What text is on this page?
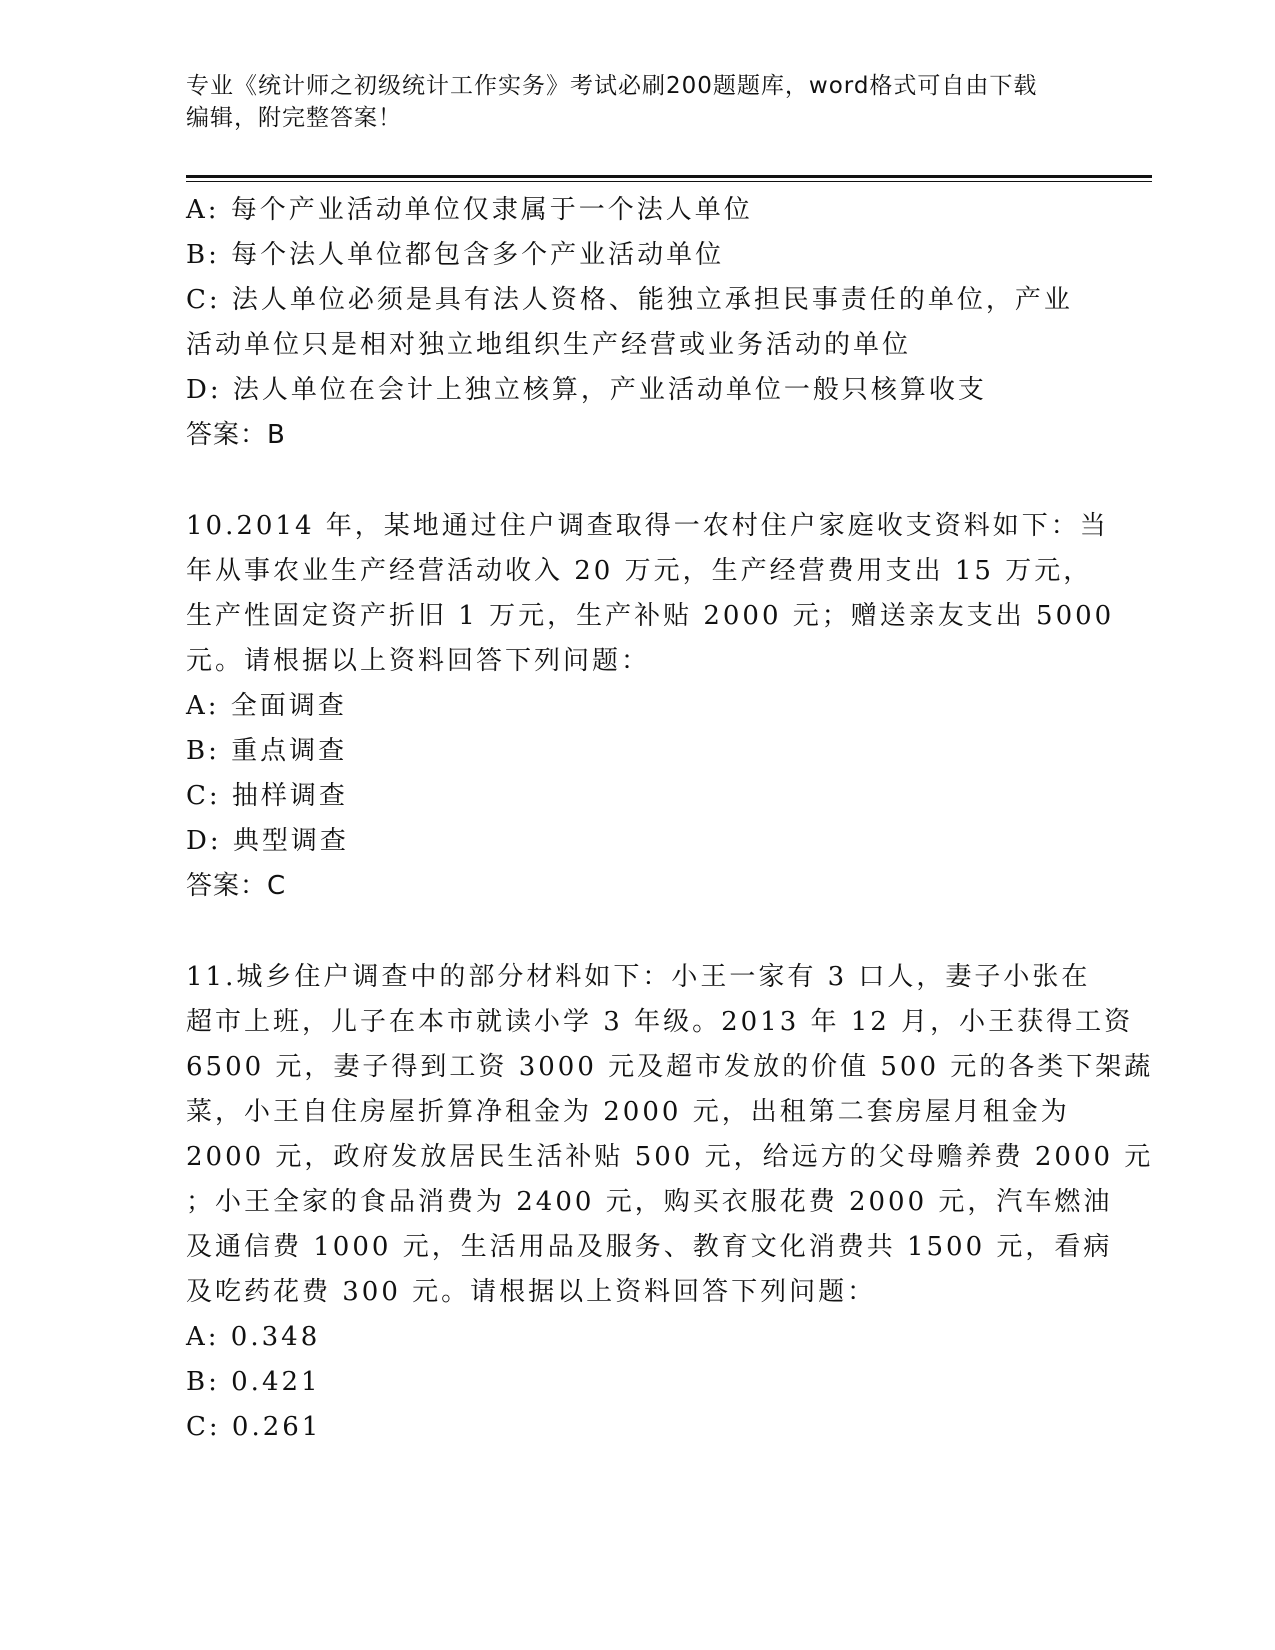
专业《统计师之初级统计工作实务》考试必刷200题题库，word格式可自由下载
编辑，附完整答案！
A: 每个产业活动单位仅隶属于一个法人单位
B: 每个法人单位都包含多个产业活动单位
C: 法人单位必须是具有法人资格、能独立承担民事责任的单位，产业
活动单位只是相对独立地组织生产经营或业务活动的单位
D: 法人单位在会计上独立核算，产业活动单位一般只核算收支
答案：B
10.2014 年，某地通过住户调查取得一农村住户家庭收支资料如下：当
年从事农业生产经营活动收入 20 万元，生产经营费用支出 15 万元，
生产性固定资产折旧 1 万元，生产补贴 2000 元；赠送亲友支出 5000
元。请根据以上资料回答下列问题：
A: 全面调查
B: 重点调查
C: 抽样调查
D: 典型调查
答案：C
11.城乡住户调查中的部分材料如下：小王一家有 3 口人，妻子小张在
超市上班，儿子在本市就读小学 3 年级。2013 年 12 月，小王获得工资
6500 元，妻子得到工资 3000 元及超市发放的价值 500 元的各类下架蔬
菜，小王自住房屋折算净租金为 2000 元，出租第二套房屋月租金为
2000 元，政府发放居民生活补贴 500 元，给远方的父母赡养费 2000 元
；小王全家的食品消费为 2400 元，购买衣服花费 2000 元，汽车燃油
及通信费 1000 元，生活用品及服务、教育文化消费共 1500 元，看病
及吃药花费 300 元。请根据以上资料回答下列问题：
A: 0.348
B: 0.421
C: 0.261
